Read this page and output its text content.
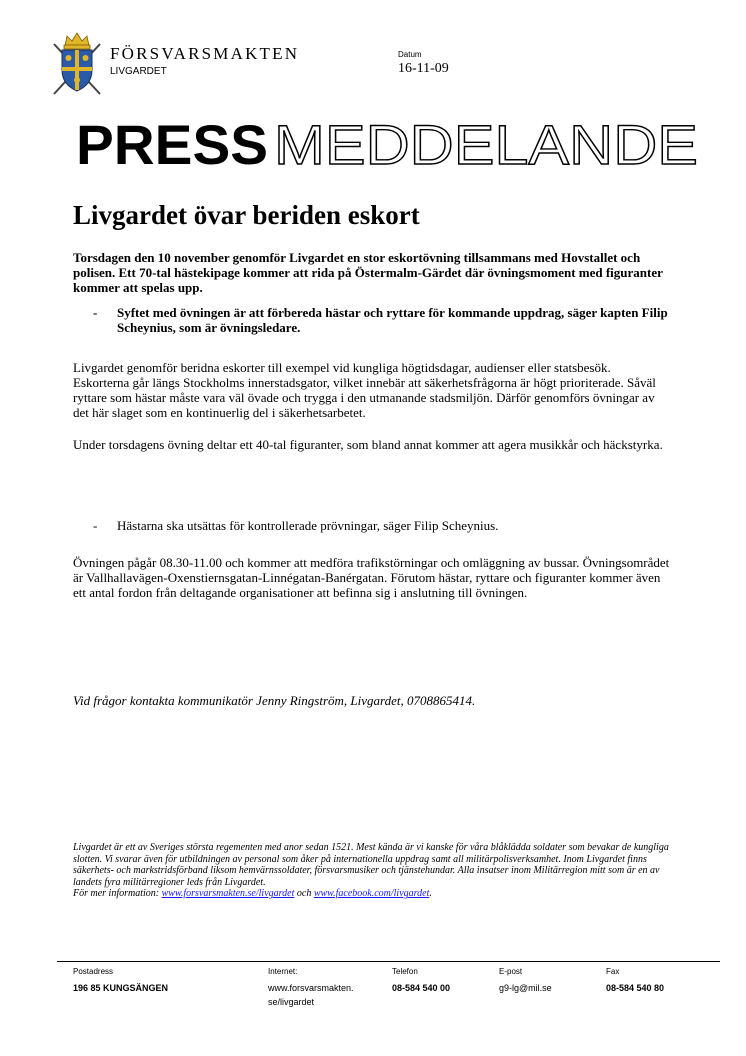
FÖRSVARSMAKTEN
LIVGARDET
Datum
16-11-09
PRESS MEDDELANDE
Livgardet övar beriden eskort
Torsdagen den 10 november genomför Livgardet en stor eskortövning tillsammans med Hovstallet och polisen. Ett 70-tal hästekipage kommer att rida på Östermalm-Gärdet där övningsmoment med figuranter kommer att spelas upp.
-	Syftet med övningen är att förbereda hästar och ryttare för kommande uppdrag, säger kapten Filip Scheynius, som är övningsledare.
Livgardet genomför beridna eskorter till exempel vid kungliga högtidsdagar, audienser eller statsbesök. Eskorterna går längs Stockholms innerstadsgator, vilket innebär att säkerhetsfrågorna är högt prioriterade. Såväl ryttare som hästar måste vara väl övade och trygga i den utmanande stadsmiljön. Därför genomförs övningar av det här slaget som en kontinuerlig del i säkerhetsarbetet.
Under torsdagens övning deltar ett 40-tal figuranter, som bland annat kommer att agera musikkår och häckstyrka.
-	Hästarna ska utsättas för kontrollerade prövningar, säger Filip Scheynius.
Övningen pågår 08.30-11.00 och kommer att medföra trafikstörningar och omläggning av bussar. Övningsområdet är Vallhallavägen-Oxenstiernsgatan-Linnégatan-Banérgatan. Förutom hästar, ryttare och figuranter kommer även ett antal fordon från deltagande organisationer att befinna sig i anslutning till övningen.
Vid frågor kontakta kommunikatör Jenny Ringström, Livgardet, 0708865414.
Livgardet är ett av Sveriges största regementen med anor sedan 1521. Mest kända är vi kanske för våra blåklädda soldater som bevakar de kungliga slotten. Vi svarar även för utbildningen av personal som åker på internationella uppdrag samt all militärpolisverksamhet. Inom Livgardet finns säkerhets- och markstridsförband liksom hemvärnssoldater, försvarsmusiker och tjänstehundar. Alla insatser inom Militärregion mitt som är en av landets fyra militärregioner leds från Livgardet.
För mer information: www.forsvarsmakten.se/livgardet och www.facebook.com/livgardet.
Postadress
196 85 KUNGSÄNGEN
Internet:
www.forsvarsmakten.
se/livgardet
Telefon
08-584 540 00
E-post
g9-lg@mil.se
Fax
08-584 540 80
